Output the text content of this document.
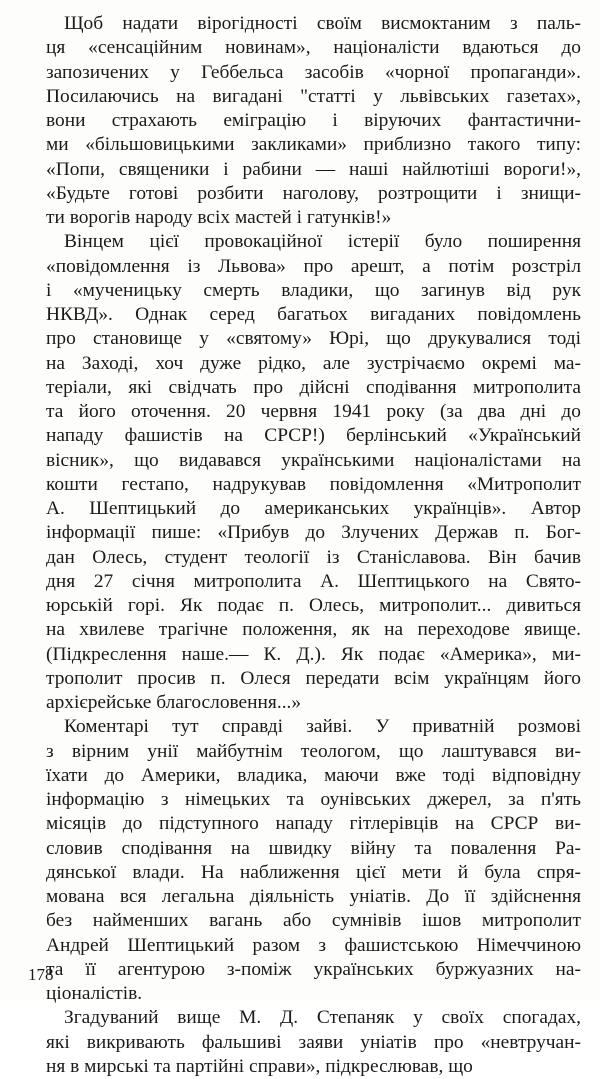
Щоб надати вірогідності своїм висмоктаним з паль-
ця «сенсаційним новинам», націоналісти вдаються до
запозичених у Геббельса засобів «чорної пропаганди».
Посилаючись на вигадані "статті у львівських газетах»,
вони страхають еміграцію і віруючих фантастични-
ми «більшовицькими закликами» приблизно такого типу:
«Попи, священики і рабини — наші найлютіші вороги!»,
«Будьте готові розбити наголову, розтрощити і знищи-
ти ворогів народу всіх мастей і гатунків!»
Вінцем цієї провокаційної істерії було поширення
«повідомлення із Львова» про арешт, а потім розстріл
і «мученицьку смерть владики, що загинув від рук
НКВД». Однак серед багатьох вигаданих повідомлень
про становище у «святому» Юрі, що друкувалися тоді
на Заході, хоч дуже рідко, але зустрічаємо окремі ма-
теріали, які свідчать про дійсні сподівання митрополита
та його оточення. 20 червня 1941 року (за два дні до
нападу фашистів на СРСР!) берлінський «Український
вісник», що видавався українськими націоналістами на
кошти гестапо, надрукував повідомлення «Митрополит
А. Шептицький до американських українців». Автор
інформації пише: «Прибув до Злучених Держав п. Бог-
дан Олесь, студент теології із Станіславова. Він бачив
дня 27 січня митрополита А. Шептицького на Свято-
юрській горі. Як подає п. Олесь, митрополит... дивиться
на хвилеве трагічне положення, як на переходове явище.
(Підкреслення наше.— К. Д.). Як подає «Америка», ми-
трополит просив п. Олеся передати всім українцям його
архієрейське благословення...»
Коментарі тут справді зайві. У приватній розмові
з вірним унії майбутнім теологом, що лаштувався ви-
їхати до Америки, владика, маючи вже тоді відповідну
інформацію з німецьких та оунівських джерел, за п'ять
місяців до підступного нападу гітлерівців на СРСР ви-
словив сподівання на швидку війну та повалення Ра-
дянської влади. На наближення цієї мети й була спря-
мована вся легальна діяльність уніатів. До її здійснення
без найменших вагань або сумнівів ішов митрополит
Андрей Шептицький разом з фашистською Німеччиною
та її агентурою з-поміж українських буржуазних на-
ціоналістів.
Згадуваний вище М. Д. Степаняк у своїх спогадах,
які викривають фальшиві заяви уніатів про «невтручан-
ня в мирські та партійні справи», підкреслював, що
178
